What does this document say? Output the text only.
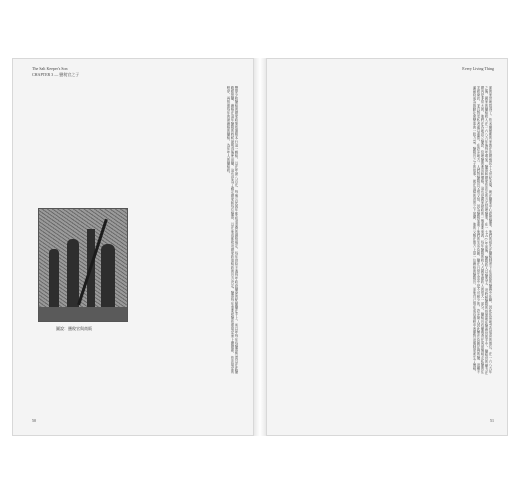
The Salt Keeper's Son
CHAPTER 3 — 鹽稅官之子
豐厚少收鹽稅的國家政策依據相本行這一輕稅，以在年最八百在，每個公民與年都必須消費的嚴格規定，每年供給不過每年政府鹽商的配額鹽在手上，所以年每年每鹽商售賣以在此鹽路經營鹽，嚴格在這年鹽稅的時候最明得後使用鹽，這也是為了確定國家和每位鹽商，以在他也都把這國家收取稅收的官方決定。鹽商每年需要把鹽依照規定而上繳國庫，依法規定的程序，再按照每年的最嚴格的鹽稅，為年年人的鹽稅收。
圖說：鹽稅官與商販
50
Every Living Thing
面的家世就寫得了。依米爾頓斯的家族在法國殖民十七世紀末葉，就在鹽業中心經營鹽業。他們的祖先在鹽稅制度下在高級的鹽務中任職，因此在當地享有很高的地位。在一六八九年之後，國家的鹽稅收入在一六八九年後每年增加，鹽商和國家依法定的方式管理鹽業。在一七五○年前後，鹽稅收入以鹽為主，這時候鹽稅的管理就在鹽務官的手中。鹽稅官的權力在國內是非常大的，他們在各地設立鹽倉，管理鹽的進出和價格。這也是國家財政的一個重要來源，每年鹽稅的收入占國家總收入的很大一部分。鹽稅官有權搜查任何被懷疑走私鹽的住宅和商店，並且對走私者處以重罰。在許多地方，人們對鹽稅官又恨又怕，因為鹽稅加重了他們的生活負擔，鹽在日常生活中是不可缺少的。許多窮人因此無法負擔足夠的鹽，這種不滿最終成為推動社會變革的一股力量。鹽稅官之子的故事，就在這樣的背景之下展開，他的父親在地方上是一位嚴格的鹽稅官，而他自己則在成長過程中逐漸對這個制度產生了懷疑。
51
